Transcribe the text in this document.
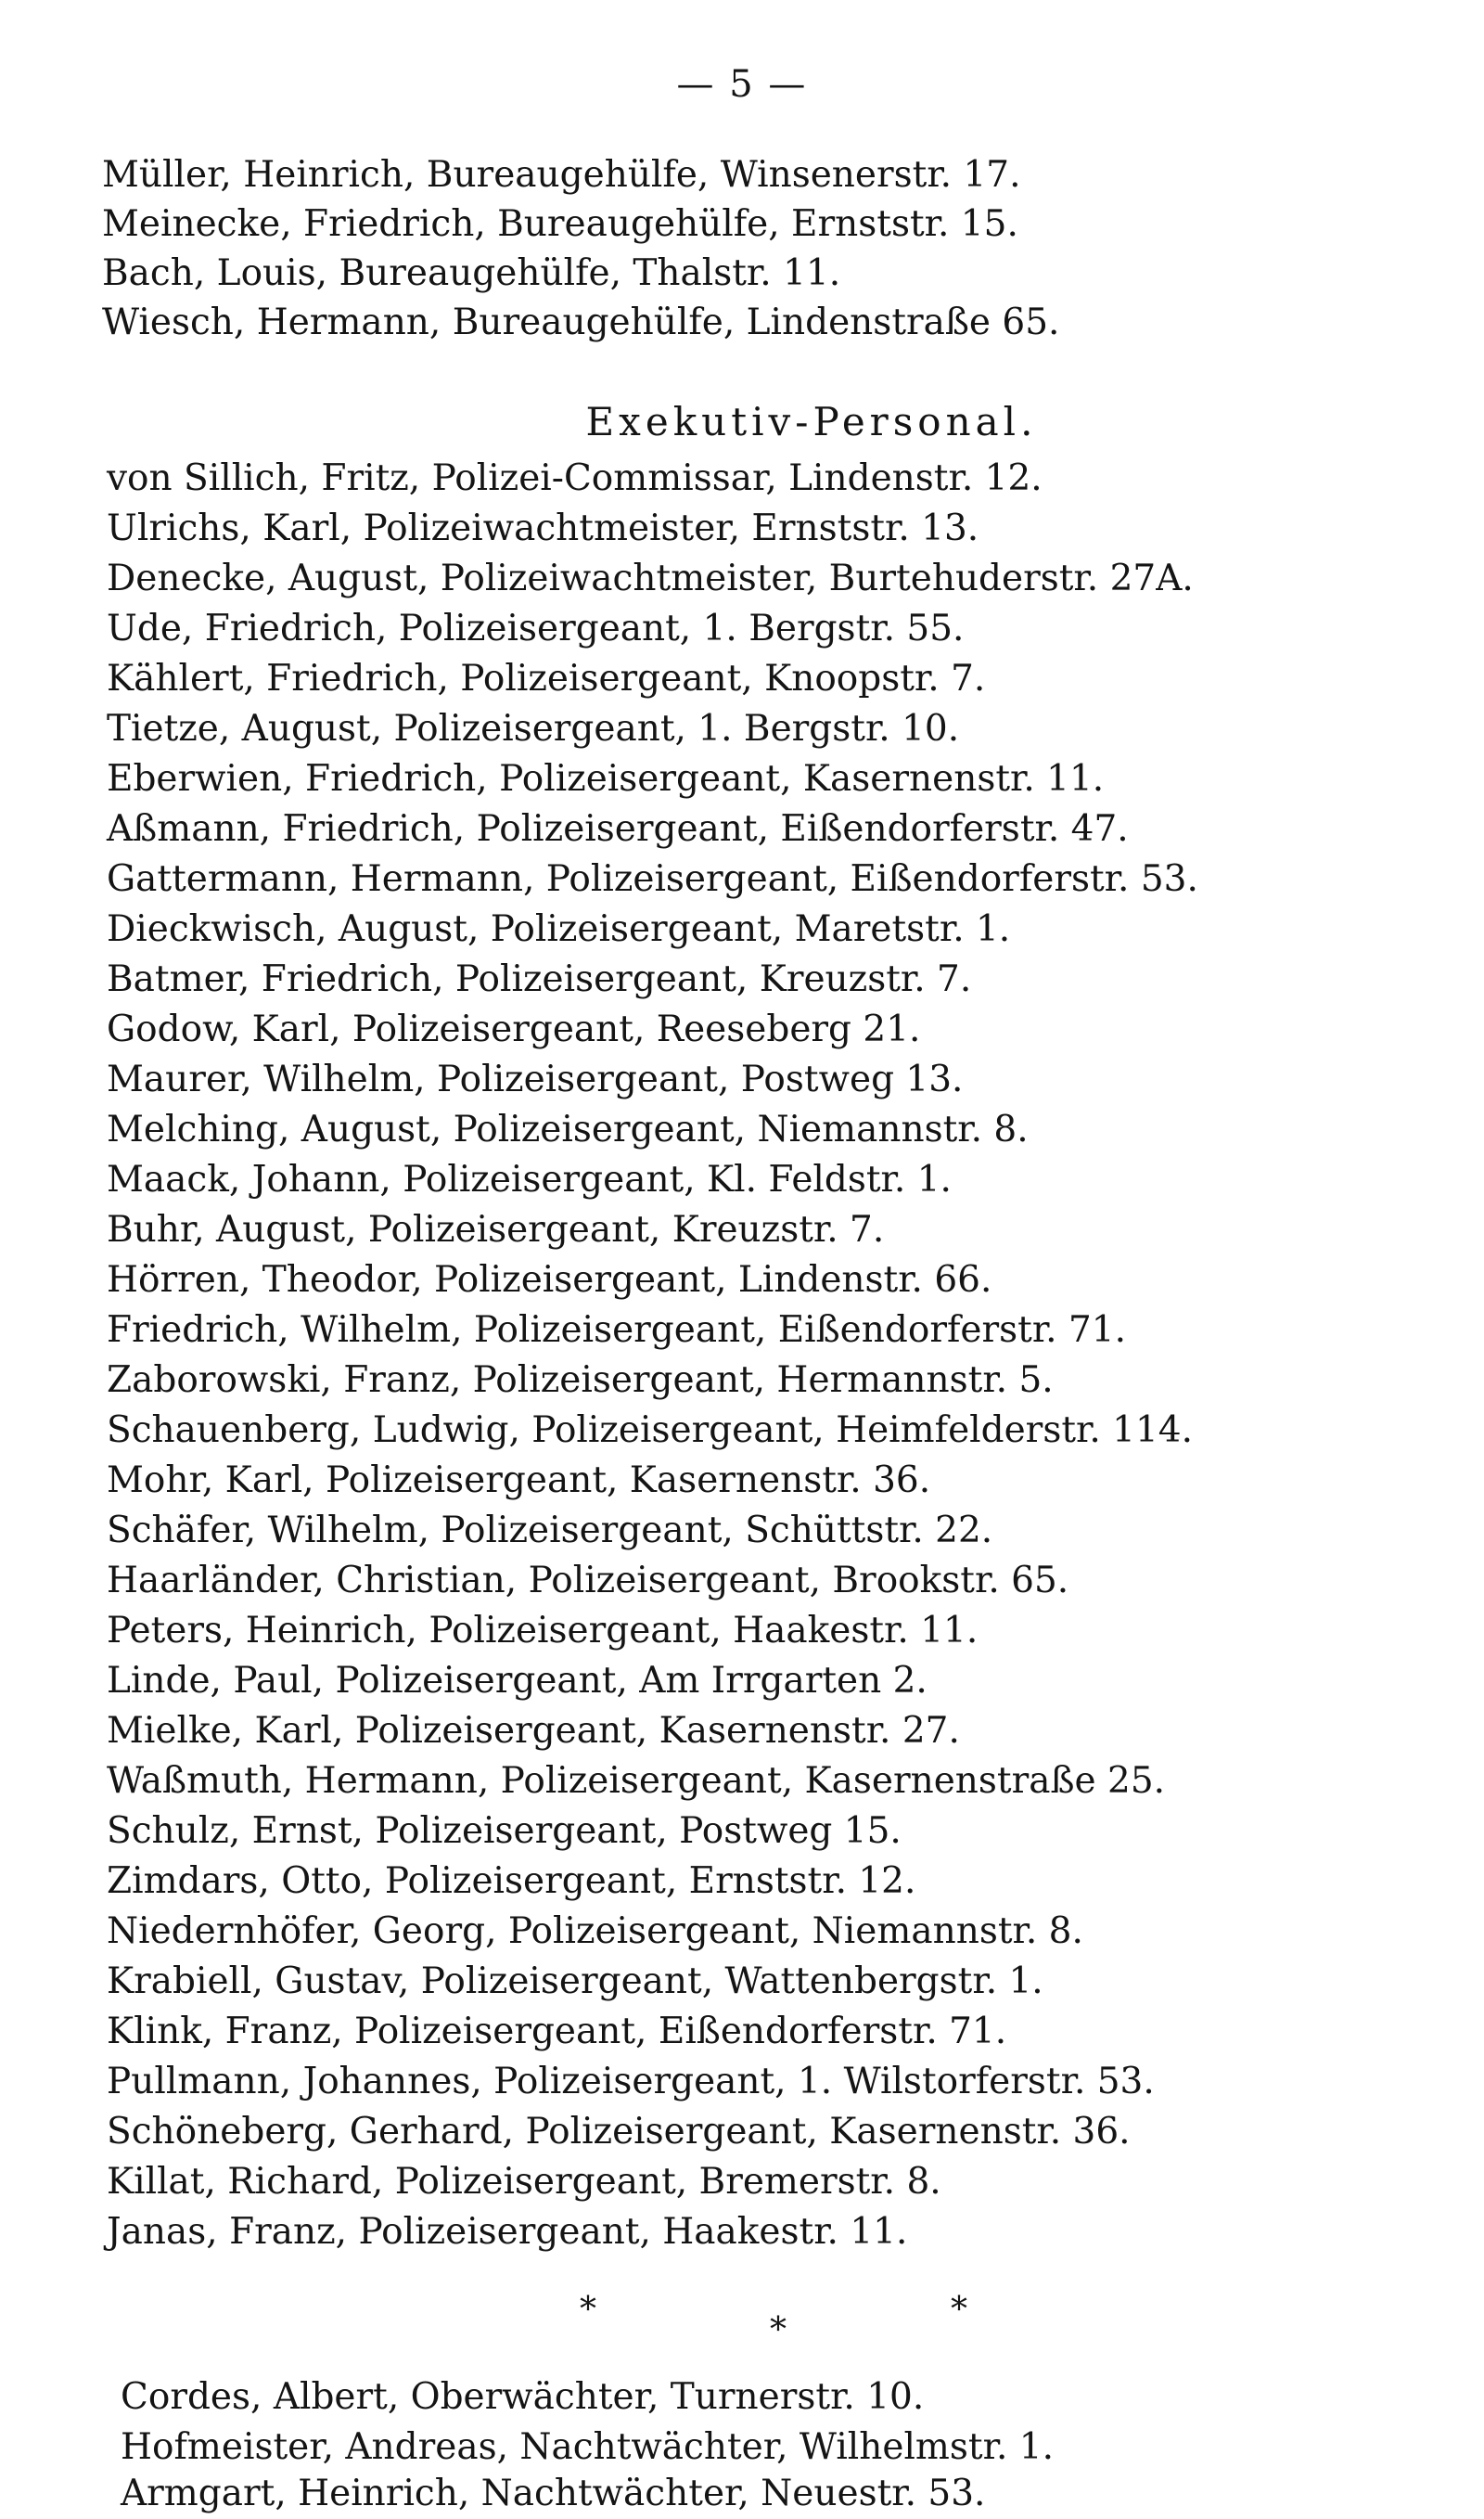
— 5 —
Müller, Heinrich, Bureaugehülfe, Winsenerstr. 17.
Meinecke, Friedrich, Bureaugehülfe, Ernststr. 15.
Bach, Louis, Bureaugehülfe, Thalstr. 11.
Wiesch, Hermann, Bureaugehülfe, Lindenstraße 65.
Exekutiv-Personal.
von Sillich, Fritz, Polizei-Commissar, Lindenstr. 12.
Ulrichs, Karl, Polizeiwachtmeister, Ernststr. 13.
Denecke, August, Polizeiwachtmeister, Burtehuderstr. 27A.
Ude, Friedrich, Polizeisergeant, 1. Bergstr. 55.
Kählert, Friedrich, Polizeisergeant, Knoopstr. 7.
Tietze, August, Polizeisergeant, 1. Bergstr. 10.
Eberwien, Friedrich, Polizeisergeant, Kasernenstr. 11.
Aßmann, Friedrich, Polizeisergeant, Eißendorferstr. 47.
Gattermann, Hermann, Polizeisergeant, Eißendorferstr. 53.
Dieckwisch, August, Polizeisergeant, Maretstr. 1.
Batmer, Friedrich, Polizeisergeant, Kreuzstr. 7.
Godow, Karl, Polizeisergeant, Reeseberg 21.
Maurer, Wilhelm, Polizeisergeant, Postweg 13.
Melching, August, Polizeisergeant, Niemannstr. 8.
Maack, Johann, Polizeisergeant, Kl. Feldstr. 1.
Buhr, August, Polizeisergeant, Kreuzstr. 7.
Hörren, Theodor, Polizeisergeant, Lindenstr. 66.
Friedrich, Wilhelm, Polizeisergeant, Eißendorferstr. 71.
Zaborowski, Franz, Polizeisergeant, Hermannstr. 5.
Schauenberg, Ludwig, Polizeisergeant, Heimfelderstr. 114.
Mohr, Karl, Polizeisergeant, Kasernenstr. 36.
Schäfer, Wilhelm, Polizeisergeant, Schüttstr. 22.
Haarländer, Christian, Polizeisergeant, Brookstr. 65.
Peters, Heinrich, Polizeisergeant, Haakestr. 11.
Linde, Paul, Polizeisergeant, Am Irrgarten 2.
Mielke, Karl, Polizeisergeant, Kasernenstr. 27.
Waßmuth, Hermann, Polizeisergeant, Kasernenstraße 25.
Schulz, Ernst, Polizeisergeant, Postweg 15.
Zimdars, Otto, Polizeisergeant, Ernststr. 12.
Niedernhöfer, Georg, Polizeisergeant, Niemannstr. 8.
Krabiell, Gustav, Polizeisergeant, Wattenbergstr. 1.
Klink, Franz, Polizeisergeant, Eißendorferstr. 71.
Pullmann, Johannes, Polizeisergeant, 1. Wilstorferstr. 53.
Schöneberg, Gerhard, Polizeisergeant, Kasernenstr. 36.
Killat, Richard, Polizeisergeant, Bremerstr. 8.
Janas, Franz, Polizeisergeant, Haakestr. 11.
*
*
*
Cordes, Albert, Oberwächter, Turnerstr. 10.
Hofmeister, Andreas, Nachtwächter, Wilhelmstr. 1.
Armgart, Heinrich, Nachtwächter, Neuestr. 53.
